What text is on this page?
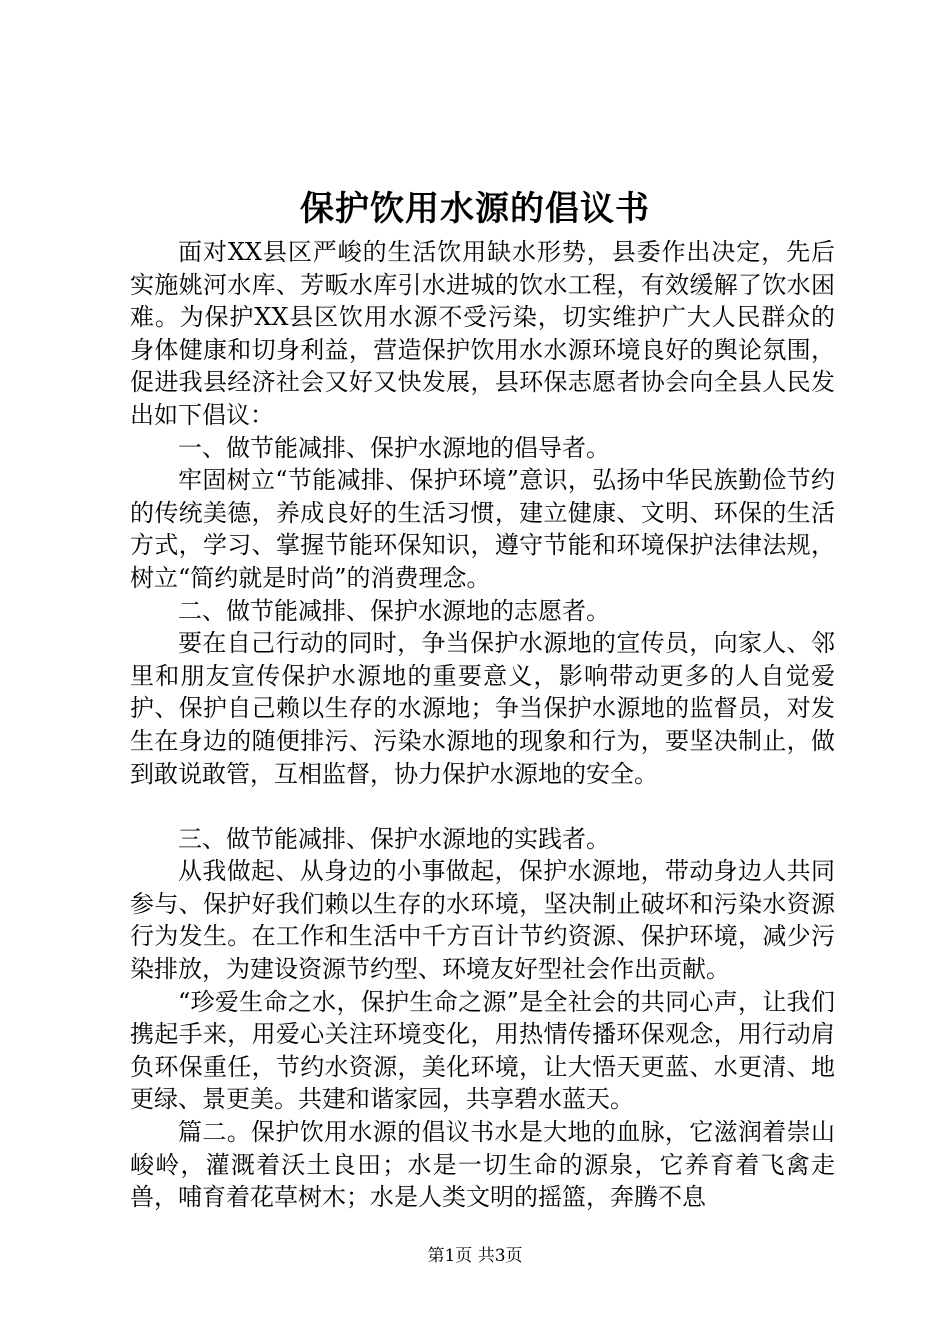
保护饮用水源的倡议书

面对XX县区严峻的生活饮用缺水形势，县委作出决定，先后实施姚河水库、芳畈水库引水进城的饮水工程，有效缓解了饮水困难。为保护XX县区饮用水源不受污染，切实维护广大人民群众的身体健康和切身利益，营造保护饮用水水源环境良好的舆论氛围，促进我县经济社会又好又快发展，县环保志愿者协会向全县人民发出如下倡议：

一、做节能减排、保护水源地的倡导者。

牢固树立“节能减排、保护环境”意识，弘扬中华民族勤俭节约的传统美德，养成良好的生活习惯，建立健康、文明、环保的生活方式，学习、掌握节能环保知识，遵守节能和环境保护法律法规，树立“简约就是时尚”的消费理念。

二、做节能减排、保护水源地的志愿者。

要在自己行动的同时，争当保护水源地的宣传员，向家人、邻里和朋友宣传保护水源地的重要意义，影响带动更多的人自觉爱护、保护自己赖以生存的水源地；争当保护水源地的监督员，对发生在身边的随便排污、污染水源地的现象和行为，要坚决制止，做到敢说敢管，互相监督，协力保护水源地的安全。

三、做节能减排、保护水源地的实践者。

从我做起、从身边的小事做起，保护水源地，带动身边人共同参与、保护好我们赖以生存的水环境，坚决制止破坏和污染水资源行为发生。在工作和生活中千方百计节约资源、保护环境，减少污染排放，为建设资源节约型、环境友好型社会作出贡献。

“珍爱生命之水，保护生命之源”是全社会的共同心声，让我们携起手来，用爱心关注环境变化，用热情传播环保观念，用行动肩负环保重任，节约水资源，美化环境，让大悟天更蓝、水更清、地更绿、景更美。共建和谐家园，共享碧水蓝天。

篇二。保护饮用水源的倡议书水是大地的血脉，它滋润着崇山峻岭，灌溉着沃土良田；水是一切生命的源泉，它养育着飞禽走兽，哺育着花草树木；水是人类文明的摇篮，奔腾不息

第1页 共3页
